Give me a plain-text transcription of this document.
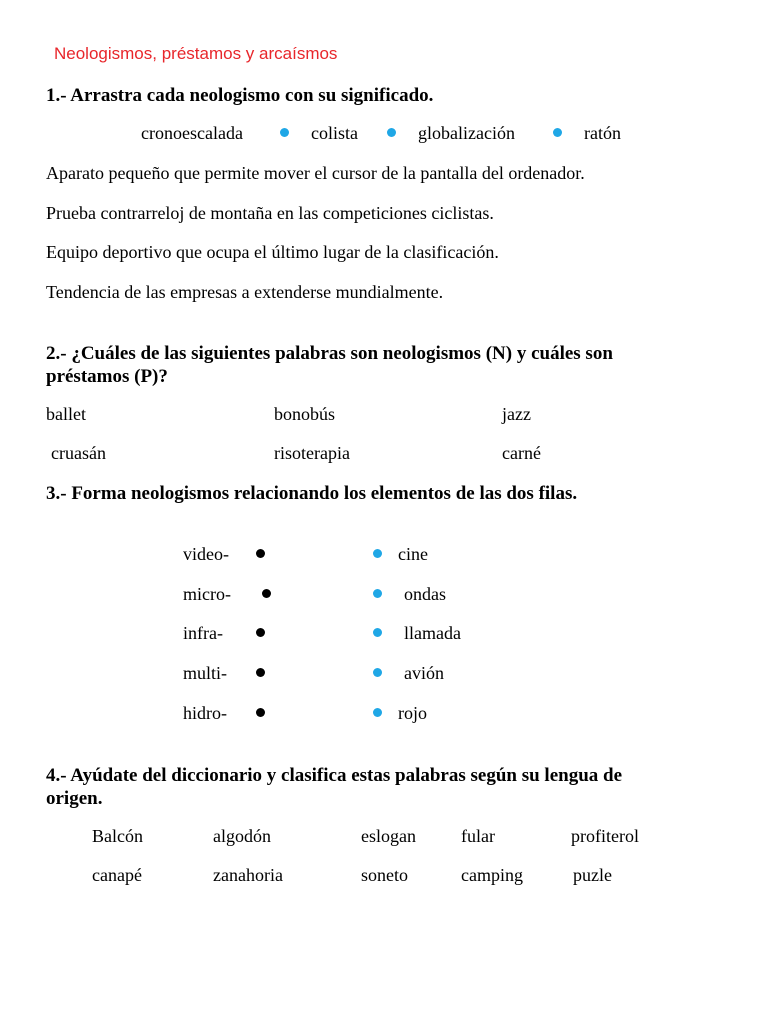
Neologismos, préstamos y arcaísmos
1.- Arrastra cada neologismo con su significado.
cronoescalada	colista	globalización	ratón
Aparato pequeño que permite mover el cursor de la pantalla del ordenador.
Prueba contrarreloj de montaña en las competiciones ciclistas.
Equipo deportivo que ocupa el último lugar de la clasificación.
Tendencia de las empresas a extenderse mundialmente.
2.- ¿Cuáles de las siguientes palabras son neologismos (N) y cuáles son
préstamos (P)?
ballet	bonobús	jazz
cruasán	risoterapia	carné
3.- Forma neologismos relacionando los elementos de las dos filas.
video-	cine
micro-	ondas
infra-	llamada
multi-	avión
hidro-	rojo
4.- Ayúdate del diccionario y clasifica estas palabras según su lengua de
origen.
Balcón	algodón	eslogan	fular	profiterol
canapé	zanahoria	soneto	camping	puzle
